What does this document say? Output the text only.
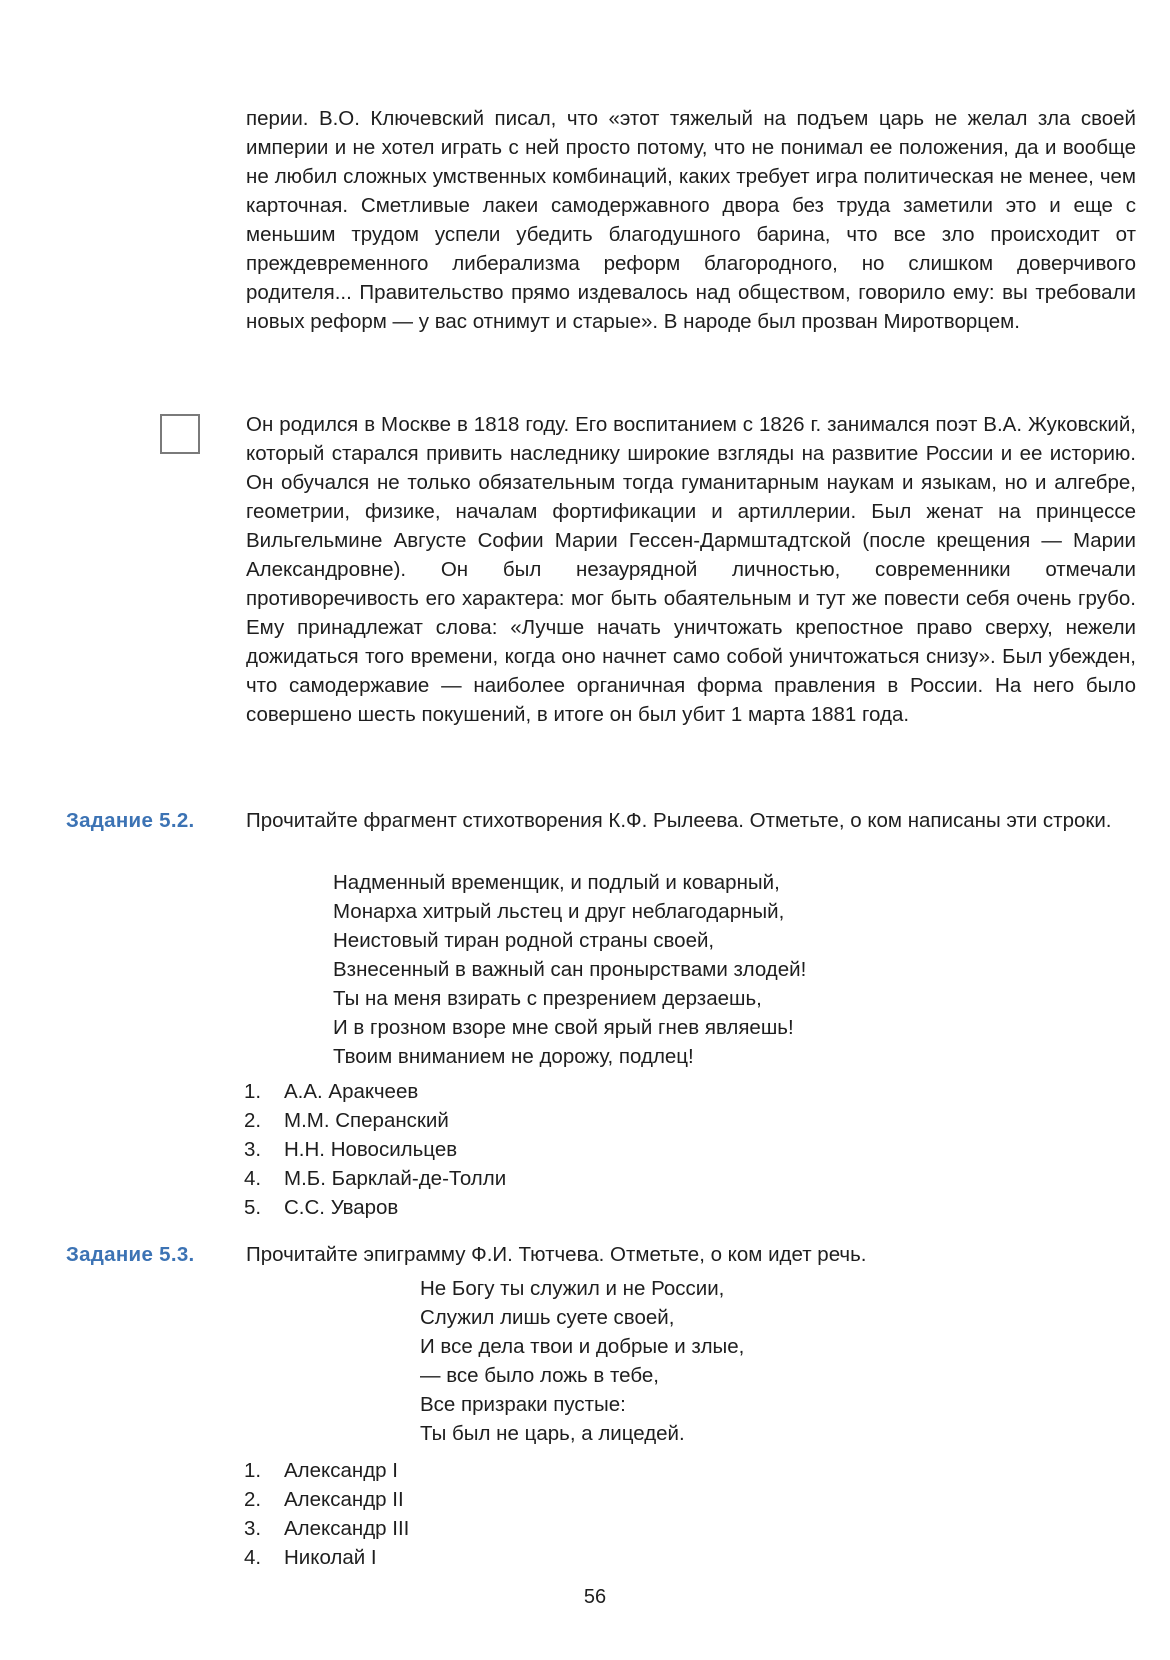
перии. В.О. Ключевский писал, что «этот тяжелый на подъем царь не желал зла своей империи и не хотел играть с ней просто потому, что не понимал ее положения, да и вообще не любил сложных умственных комбинаций, каких требует игра политическая не менее, чем карточная. Сметливые лакеи самодержавного двора без труда заметили это и еще с меньшим трудом успели убедить благодушного барина, что все зло происходит от преждевременного либерализма реформ благородного, но слишком доверчивого родителя... Правительство прямо издевалось над обществом, говорило ему: вы требовали новых реформ — у вас отнимут и старые». В народе был прозван Миротворцем.

Он родился в Москве в 1818 году. Его воспитанием с 1826 г. занимался поэт В.А. Жуковский, который старался привить наследнику широкие взгляды на развитие России и ее историю. Он обучался не только обязательным тогда гуманитарным наукам и языкам, но и алгебре, геометрии, физике, началам фортификации и артиллерии. Был женат на принцессе Вильгельмине Августе Софии Марии Гессен-Дармштадтской (после крещения — Марии Александровне). Он был незаурядной личностью, современники отмечали противоречивость его характера: мог быть обаятельным и тут же повести себя очень грубо. Ему принадлежат слова: «Лучше начать уничтожать крепостное право сверху, нежели дожидаться того времени, когда оно начнет само собой уничтожаться снизу». Был убежден, что самодержавие — наиболее органичная форма правления в России. На него было совершено шесть покушений, в итоге он был убит 1 марта 1881 года.

Задание 5.2.	Прочитайте фрагмент стихотворения К.Ф. Рылеева. Отметьте, о ком написаны эти строки.

Надменный временщик, и подлый и коварный,
Монарха хитрый льстец и друг неблагодарный,
Неистовый тиран родной страны своей,
Взнесенный в важный сан пронырствами злодей!
Ты на меня взирать с презрением дерзаешь,
И в грозном взоре мне свой ярый гнев являешь!
Твоим вниманием не дорожу, подлец!
1.	А.А. Аракчеев
2.	М.М. Сперанский
3.	Н.Н. Новосильцев
4.	М.Б. Барклай-де-Толли
5.	С.С. Уваров
Задание 5.3.	Прочитайте эпиграмму Ф.И. Тютчева. Отметьте, о ком идет речь.

Не Богу ты служил и не России,
Служил лишь суете своей,
И все дела твои и добрые и злые,
— все было ложь в тебе,
Все призраки пустые:
Ты был не царь, а лицедей.
1.	Александр I
2.	Александр II
3.	Александр III
4.	Николай I
56
